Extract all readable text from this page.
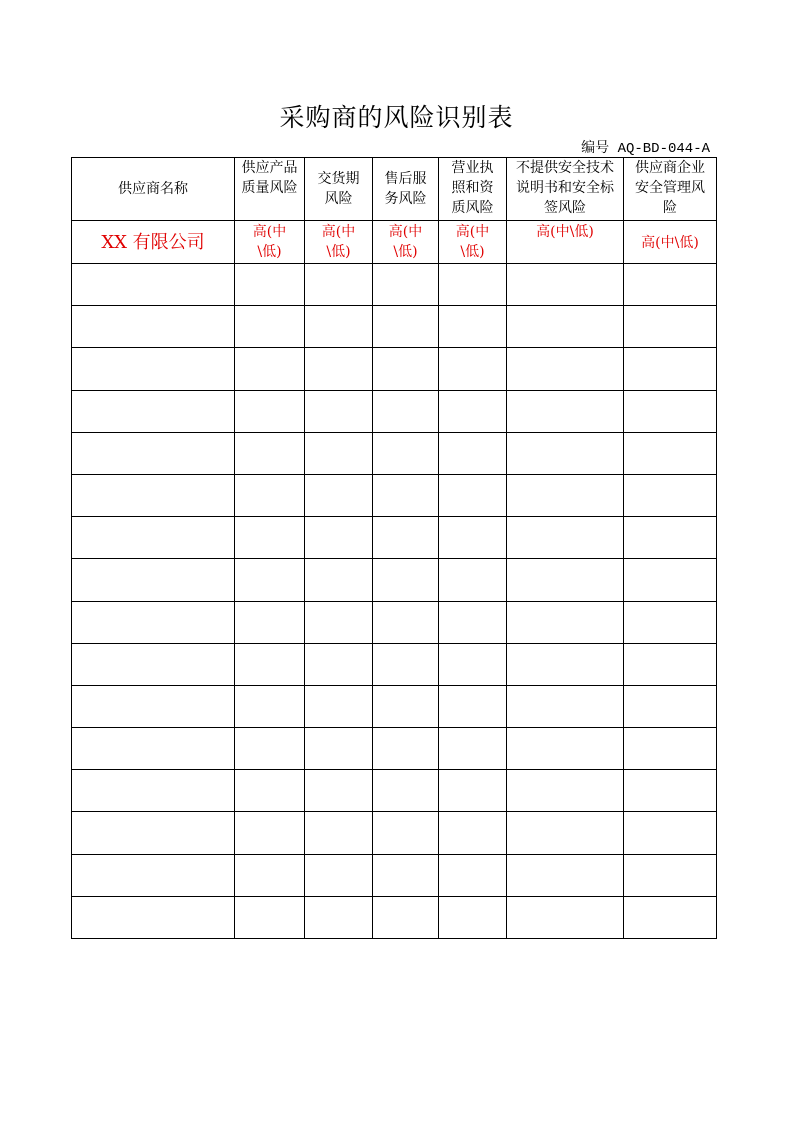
采购商的风险识别表
编号 AQ-BD-044-A
供应商名称	供应产品质量风险	交货期风险	售后服务风险	营业执照和资质风险	不提供安全技术说明书和安全标签风险	供应商企业安全管理风险
XX 有限公司	高(中\低)	高(中\低)	高(中\低)	高(中\低)	高(中\低)	高(中\低)
